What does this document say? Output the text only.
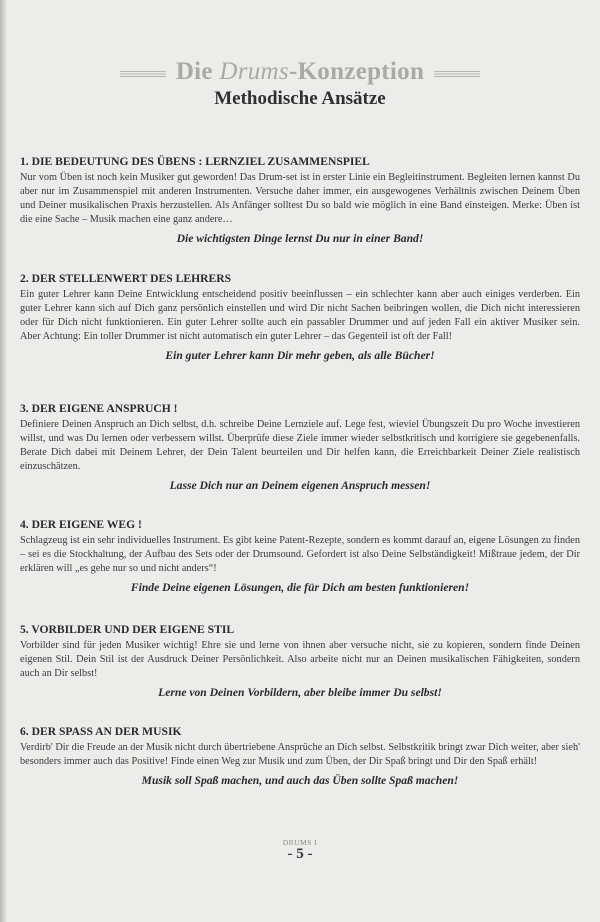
Die Drums-Konzeption
Methodische Ansätze
1. DIE BEDEUTUNG DES ÜBENS : LERNZIEL ZUSAMMENSPIEL

Nur vom Üben ist noch kein Musiker gut geworden! Das Drum-set ist in erster Linie ein Begleitinstrument. Begleiten lernen kannst Du aber nur im Zusammenspiel mit anderen Instrumenten. Versuche daher immer, ein ausgewogenes Verhältnis zwischen Deinem Üben und Deiner musikalischen Praxis herzustellen. Als Anfänger solltest Du so bald wie möglich in eine Band einsteigen. Merke: Üben ist die eine Sache – Musik machen eine ganz andere…

Die wichtigsten Dinge lernst Du nur in einer Band!

2. DER STELLENWERT DES LEHRERS

Ein guter Lehrer kann Deine Entwicklung entscheidend positiv beeinflussen – ein schlechter kann aber auch einiges verderben. Ein guter Lehrer kann sich auf Dich ganz persönlich einstellen und wird Dir nicht Sachen beibringen wollen, die Dich nicht interessieren oder für Dich nicht funktionieren. Ein guter Lehrer sollte auch ein passabler Drummer und auf jeden Fall ein aktiver Musiker sein. Aber Achtung: Ein toller Drummer ist nicht automatisch ein guter Lehrer – das Gegenteil ist oft der Fall!

Ein guter Lehrer kann Dir mehr geben, als alle Bücher!

3. DER EIGENE ANSPRUCH !

Definiere Deinen Anspruch an Dich selbst, d.h. schreibe Deine Lernziele auf. Lege fest, wieviel Übungszeit Du pro Woche investieren willst, und was Du lernen oder verbessern willst. Überprüfe diese Ziele immer wieder selbstkritisch und korrigiere sie gegebenenfalls. Berate Dich dabei mit Deinem Lehrer, der Dein Talent beurteilen und Dir helfen kann, die Erreichbarkeit Deiner Ziele realistisch einzuschätzen.

Lasse Dich nur an Deinem eigenen Anspruch messen!

4. DER EIGENE WEG !

Schlagzeug ist ein sehr individuelles Instrument. Es gibt keine Patent-Rezepte, sondern es kommt darauf an, eigene Lösungen zu finden – sei es die Stockhaltung, der Aufbau des Sets oder der Drumsound. Gefordert ist also Deine Selbständigkeit! Mißtraue jedem, der Dir erklären will „es gehe nur so und nicht anders“!

Finde Deine eigenen Lösungen, die für Dich am besten funktionieren!

5. VORBILDER UND DER EIGENE STIL

Vorbilder sind für jeden Musiker wichtig! Ehre sie und lerne von ihnen aber versuche nicht, sie zu kopieren, sondern finde Deinen eigenen Stil. Dein Stil ist der Ausdruck Deiner Persönlichkeit. Also arbeite nicht nur an Deinen musikalischen Fähigkeiten, sondern auch an Dir selbst!

Lerne von Deinen Vorbildern, aber bleibe immer Du selbst!

6. DER SPASS AN DER MUSIK

Verdirb' Dir die Freude an der Musik nicht durch übertriebene Ansprüche an Dich selbst. Selbstkritik bringt zwar Dich weiter, aber sieh' besonders immer auch das Positive! Finde einen Weg zur Musik und zum Üben, der Dir Spaß bringt und Dir den Spaß erhält!

Musik soll Spaß machen, und auch das Üben sollte Spaß machen!

DRUMS I
- 5 -
